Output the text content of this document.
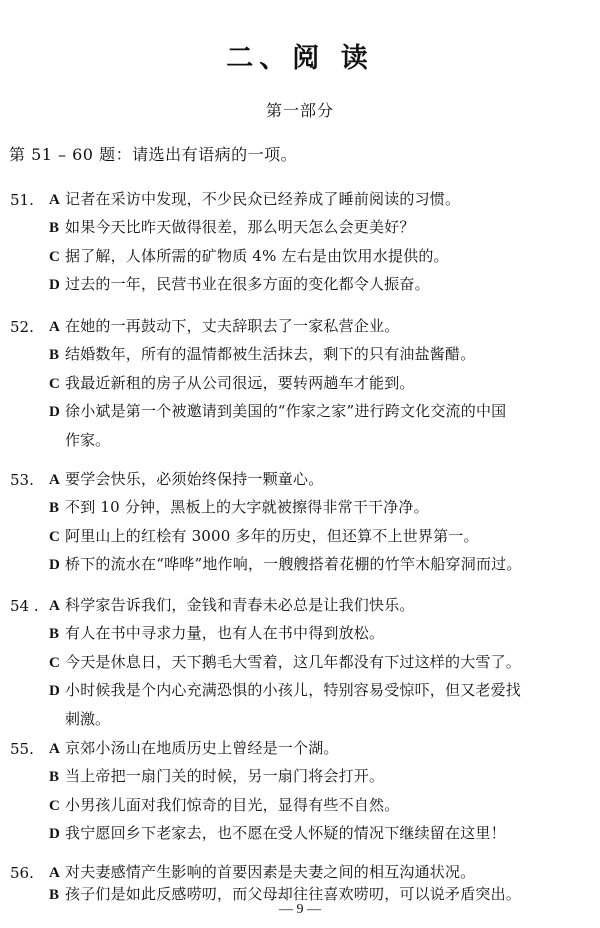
二、阅 读
第一部分
第 51 – 60 题：请选出有语病的一项。
51. A 记者在采访中发现，不少民众已经养成了睡前阅读的习惯。
B 如果今天比昨天做得很差，那么明天怎么会更美好？
C 据了解，人体所需的矿物质 4% 左右是由饮用水提供的。
D 过去的一年，民营书业在很多方面的变化都令人振奋。
52. A 在她的一再鼓动下，丈夫辞职去了一家私营企业。
B 结婚数年，所有的温情都被生活抹去，剩下的只有油盐酱醋。
C 我最近新租的房子从公司很远，要转两趟车才能到。
D 徐小斌是第一个被邀请到美国的“作家之家”进行跨文化交流的中国
作家。
53. A 要学会快乐，必须始终保持一颗童心。
B 不到 10 分钟，黑板上的大字就被擦得非常干干净净。
C 阿里山上的红桧有 3000 多年的历史，但还算不上世界第一。
D 桥下的流水在“哗哗”地作响，一艘艘搭着花棚的竹竿木船穿洞而过。
54 . A 科学家告诉我们，金钱和青春未必总是让我们快乐。
B 有人在书中寻求力量，也有人在书中得到放松。
C 今天是休息日，天下鹅毛大雪着，这几年都没有下过这样的大雪了。
D 小时候我是个内心充满恐惧的小孩儿，特别容易受惊吓，但又老爱找
刺激。
55. A 京郊小汤山在地质历史上曾经是一个湖。
B 当上帝把一扇门关的时候，另一扇门将会打开。
C 小男孩儿面对我们惊奇的目光，显得有些不自然。
D 我宁愿回乡下老家去，也不愿在受人怀疑的情况下继续留在这里！
56. A 对夫妻感情产生影响的首要因素是夫妻之间的相互沟通状况。
B 孩子们是如此反感唠叨，而父母却往往喜欢唠叨，可以说矛盾突出。
— 9 —
